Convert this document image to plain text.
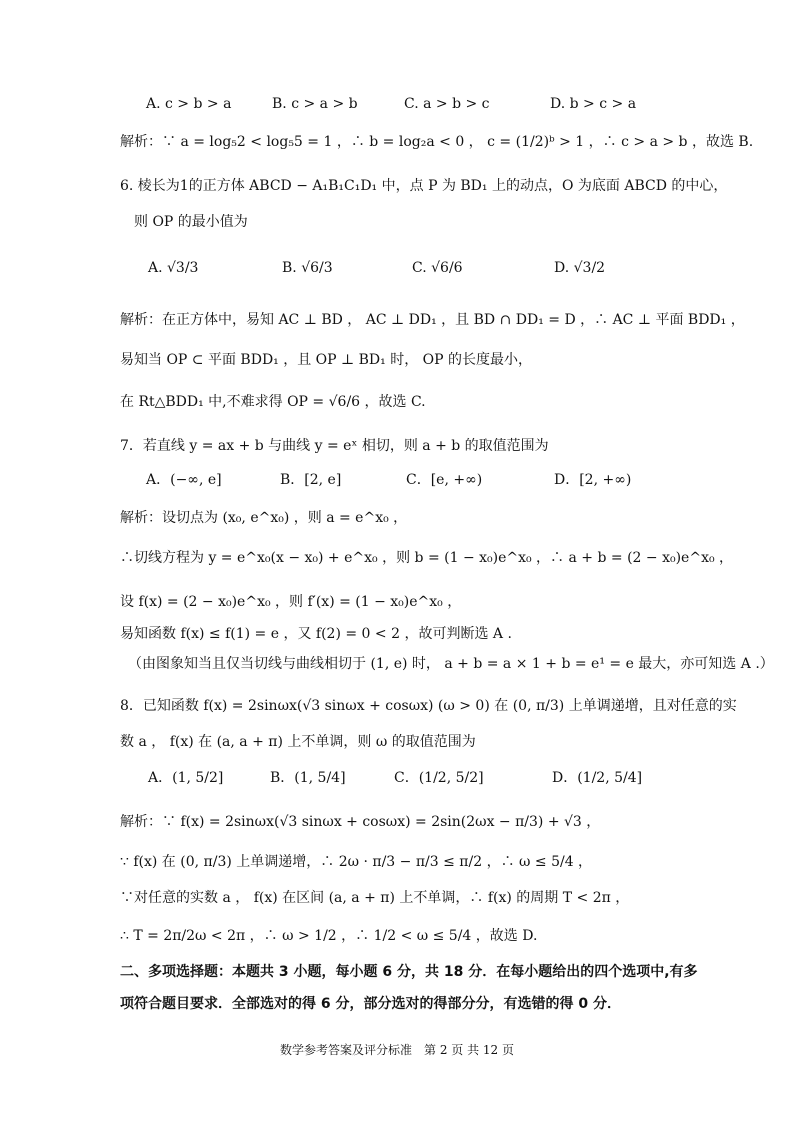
A. c > b > a	B. c > a > b	C. a > b > c	D. b > c > a
解析：∵ a = log₅2 < log₅5 = 1 ，∴ b = log₂a < 0 ， c = (1/2)ᵇ > 1 ，∴ c > a > b ，故选 B.
6. 棱长为1的正方体 ABCD − A₁B₁C₁D₁ 中，点 P 为 BD₁ 上的动点，O 为底面 ABCD 的中心，
则 OP 的最小值为
A. √3/3	B. √6/3	C. √6/6	D. √3/2
解析：在正方体中，易知 AC ⊥ BD ， AC ⊥ DD₁ ，且 BD ∩ DD₁ = D ，∴ AC ⊥ 平面 BDD₁ ，
易知当 OP ⊂ 平面 BDD₁ ，且 OP ⊥ BD₁ 时， OP 的长度最小，
在 Rt△BDD₁ 中,不难求得 OP = √6/6 ，故选 C.
7．若直线 y = ax + b 与曲线 y = eˣ 相切，则 a + b 的取值范围为
A．(−∞, e]	B．[2, e]	C．[e, +∞)	D．[2, +∞)
解析：设切点为 (x₀, e^x₀) ，则 a = e^x₀ ，
∴切线方程为 y = e^x₀(x − x₀) + e^x₀ ，则 b = (1 − x₀)e^x₀ ，∴ a + b = (2 − x₀)e^x₀ ，
设 f(x) = (2 − x₀)e^x₀ ，则 f′(x) = (1 − x₀)e^x₀ ，
易知函数 f(x) ≤ f(1) = e ，又 f(2) = 0 < 2 ，故可判断选 A .
（由图象知当且仅当切线与曲线相切于 (1, e) 时， a + b = a × 1 + b = e¹ = e 最大，亦可知选 A .）
8．已知函数 f(x) = 2sinωx(√3 sinωx + cosωx) (ω > 0) 在 (0, π/3) 上单调递增，且对任意的实
数 a ， f(x) 在 (a, a + π) 上不单调，则 ω 的取值范围为
A．(1, 5/2]	B．(1, 5/4]	C．(1/2, 5/2]	D．(1/2, 5/4]
解析：∵ f(x) = 2sinωx(√3 sinωx + cosωx) = 2sin(2ωx − π/3) + √3 ，
∵ f(x) 在 (0, π/3) 上单调递增，∴ 2ω · π/3 − π/3 ≤ π/2 ，∴ ω ≤ 5/4 ，
∵对任意的实数 a ， f(x) 在区间 (a, a + π) 上不单调，∴ f(x) 的周期 T < 2π ，
∴ T = 2π/2ω < 2π ，∴ ω > 1/2 ，∴ 1/2 < ω ≤ 5/4 ，故选 D.
二、多项选择题：本题共 3 小题，每小题 6 分，共 18 分．在每小题给出的四个选项中,有多
项符合题目要求．全部选对的得 6 分，部分选对的得部分分，有选错的得 0 分．
数学参考答案及评分标准　第 2 页 共 12 页
